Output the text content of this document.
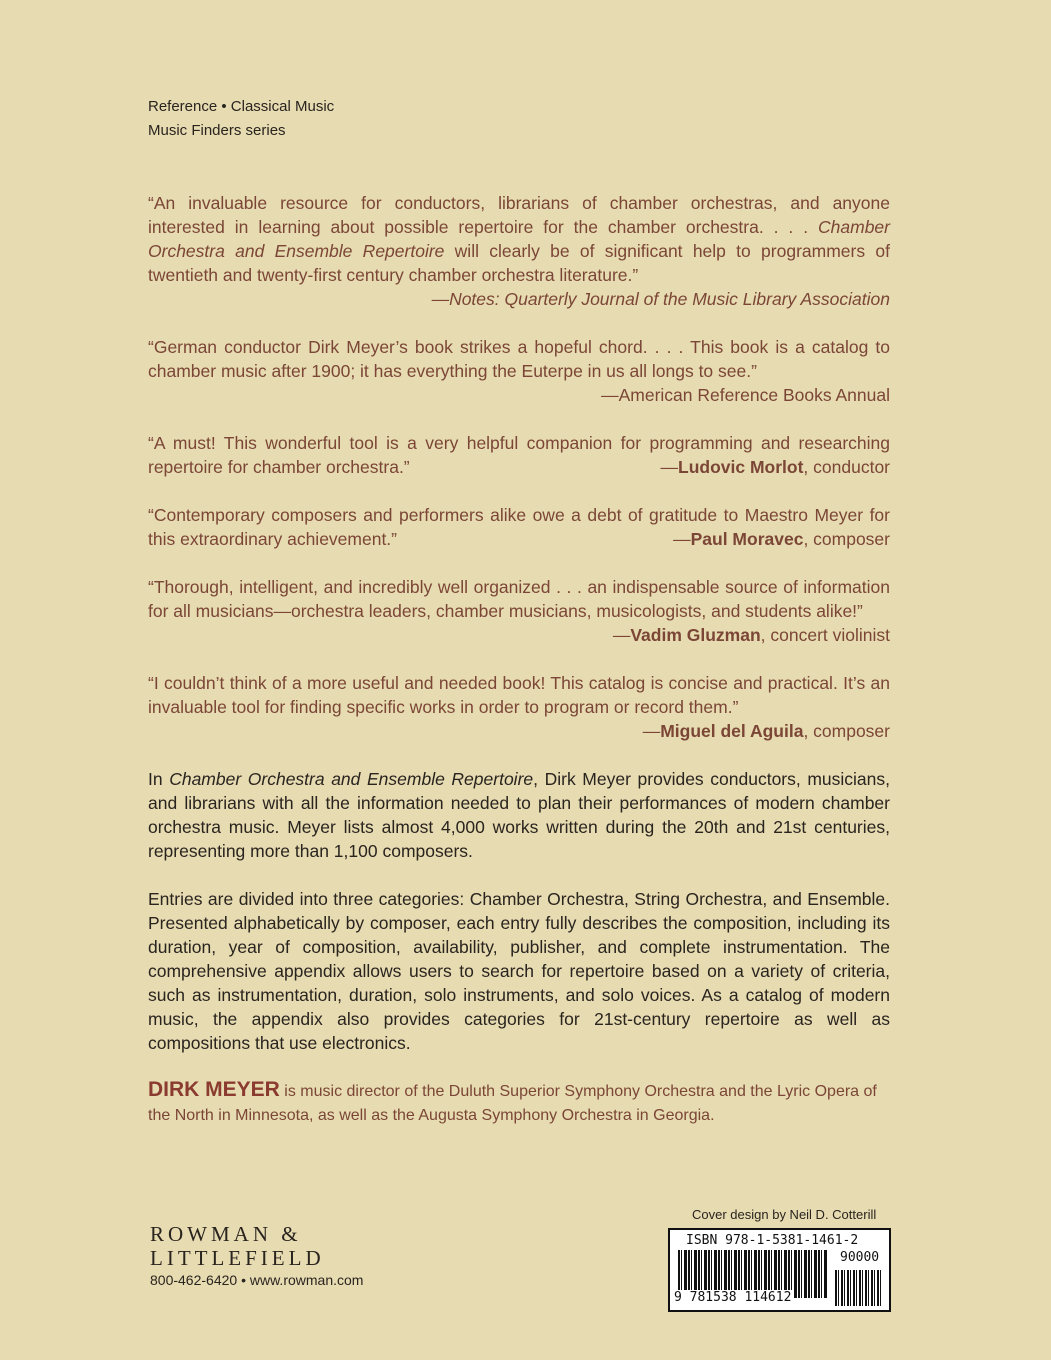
Reference • Classical Music
Music Finders series
“An invaluable resource for conductors, librarians of chamber orchestras, and anyone interested in learning about possible repertoire for the chamber orchestra. . . . Chamber Orchestra and Ensemble Repertoire will clearly be of significant help to programmers of twentieth and twenty-first century chamber orchestra literature.”
—Notes: Quarterly Journal of the Music Library Association
“German conductor Dirk Meyer’s book strikes a hopeful chord. . . . This book is a catalog to chamber music after 1900; it has everything the Euterpe in us all longs to see.”
—American Reference Books Annual
“A must! This wonderful tool is a very helpful companion for programming and researching repertoire for chamber orchestra.”	—Ludovic Morlot, conductor
“Contemporary composers and performers alike owe a debt of gratitude to Maestro Meyer for this extraordinary achievement.”	—Paul Moravec, composer
“Thorough, intelligent, and incredibly well organized . . . an indispensable source of information for all musicians—orchestra leaders, chamber musicians, musicologists, and students alike!”
—Vadim Gluzman, concert violinist
“I couldn’t think of a more useful and needed book! This catalog is concise and practical. It’s an invaluable tool for finding specific works in order to program or record them.”
—Miguel del Aguila, composer
In Chamber Orchestra and Ensemble Repertoire, Dirk Meyer provides conductors, musicians, and librarians with all the information needed to plan their performances of modern chamber orchestra music. Meyer lists almost 4,000 works written during the 20th and 21st centuries, representing more than 1,100 composers.
Entries are divided into three categories: Chamber Orchestra, String Orchestra, and Ensemble. Presented alphabetically by composer, each entry fully describes the composition, including its duration, year of composition, availability, publisher, and complete instrumentation. The comprehensive appendix allows users to search for repertoire based on a variety of criteria, such as instrumentation, duration, solo instruments, and solo voices. As a catalog of modern music, the appendix also provides categories for 21st-century repertoire as well as compositions that use electronics.
DIRK MEYER is music director of the Duluth Superior Symphony Orchestra and the Lyric Opera of the North in Minnesota, as well as the Augusta Symphony Orchestra in Georgia.
ROWMAN &
LITTLEFIELD
800-462-6420 • www.rowman.com
Cover design by Neil D. Cotterill
ISBN 978-1-5381-1461-2
90000
9 781538 114612
